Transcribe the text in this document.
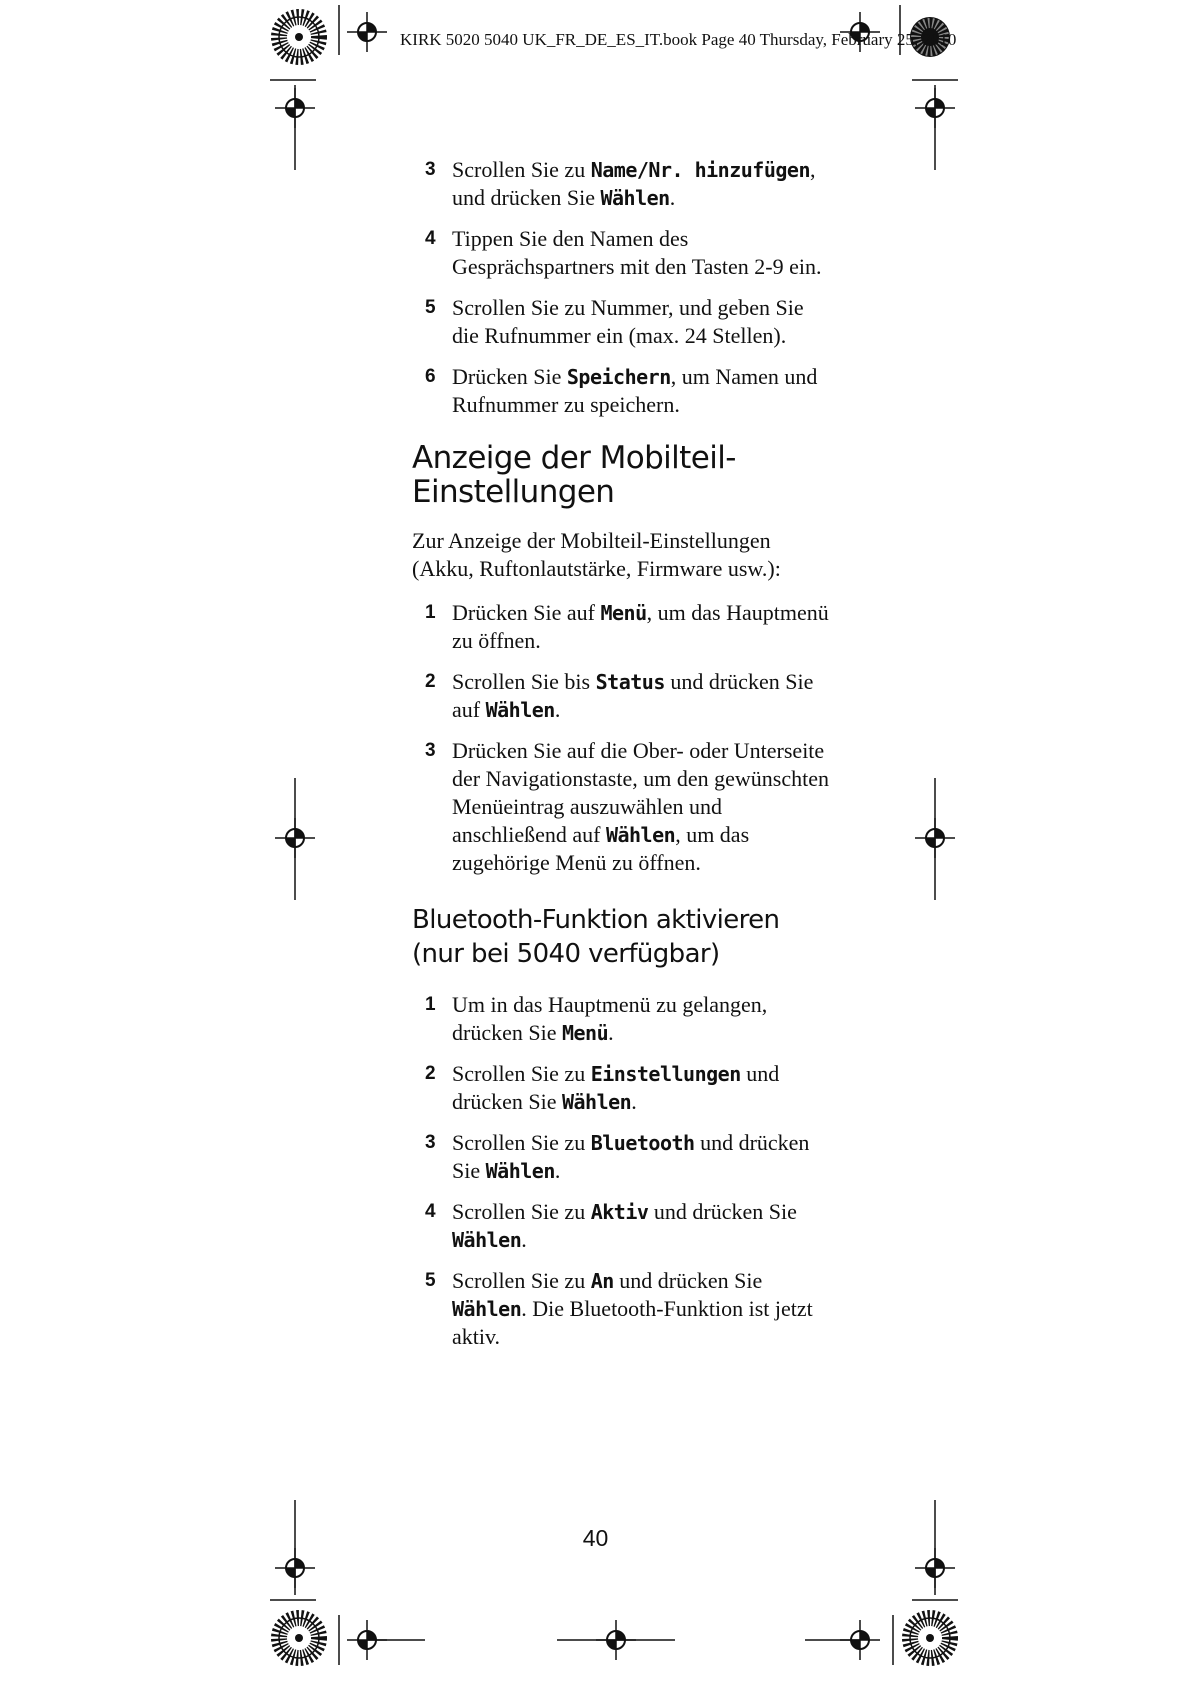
KIRK 5020 5040 UK_FR_DE_ES_IT.book Page 40 Thursday, February 25, 2010
3 Scrollen Sie zu Name/Nr. hinzufügen, und drücken Sie Wählen.
4 Tippen Sie den Namen des Gesprächspartners mit den Tasten 2-9 ein.
5 Scrollen Sie zu Nummer, und geben Sie die Rufnummer ein (max. 24 Stellen).
6 Drücken Sie Speichern, um Namen und Rufnummer zu speichern.
Anzeige der Mobilteil-Einstellungen

Zur Anzeige der Mobilteil-Einstellungen (Akku, Ruftonlautstärke, Firmware usw.):

1 Drücken Sie auf Menü, um das Hauptmenü zu öffnen.
2 Scrollen Sie bis Status und drücken Sie auf Wählen.
3 Drücken Sie auf die Ober- oder Unterseite der Navigationstaste, um den gewünschten Menüeintrag auszuwählen und anschließend auf Wählen, um das zugehörige Menü zu öffnen.
Bluetooth-Funktion aktivieren (nur bei 5040 verfügbar)
1 Um in das Hauptmenü zu gelangen, drücken Sie Menü.
2 Scrollen Sie zu Einstellungen und drücken Sie Wählen.
3 Scrollen Sie zu Bluetooth und drücken Sie Wählen.
4 Scrollen Sie zu Aktiv und drücken Sie Wählen.
5 Scrollen Sie zu An und drücken Sie Wählen. Die Bluetooth-Funktion ist jetzt aktiv.
40
